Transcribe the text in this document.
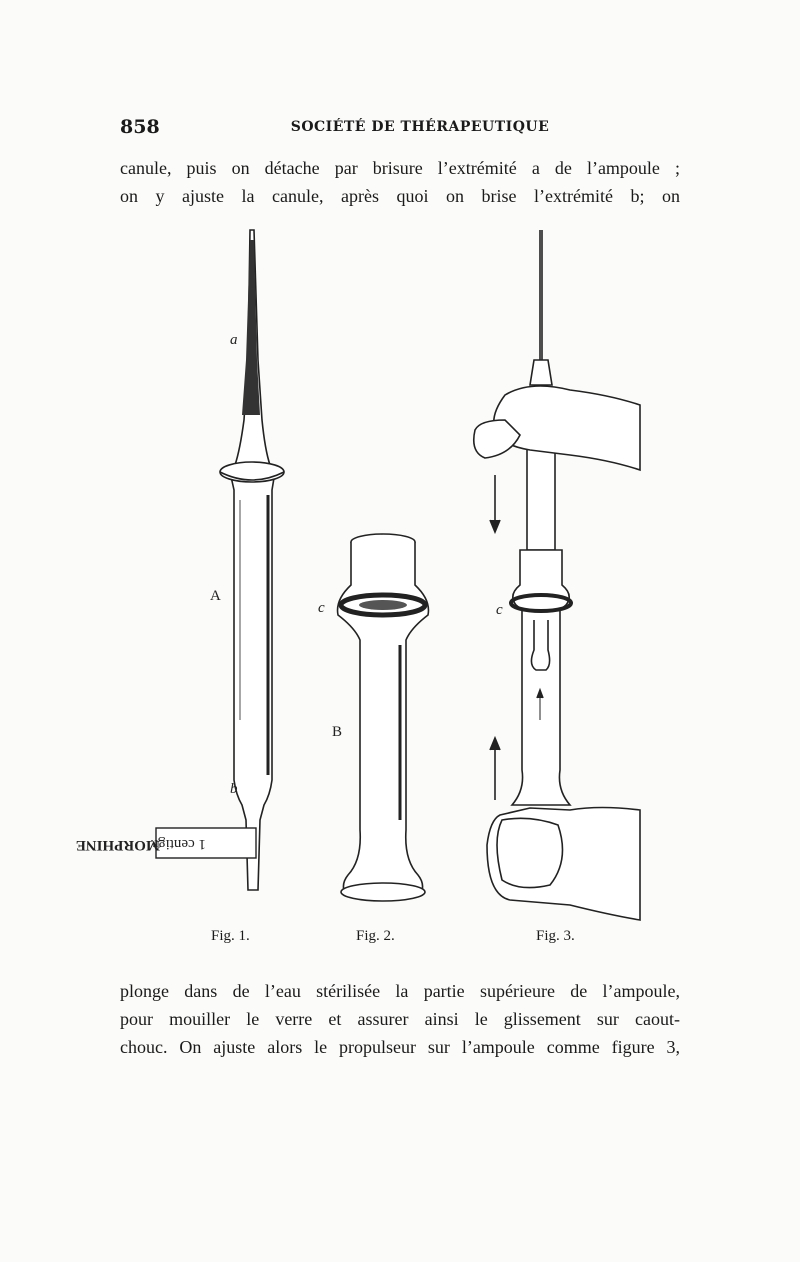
858	SOCIÉTÉ DE THÉRAPEUTIQUE
canule, puis on détache par brisure l’extrémité a de l’ampoule ;
on y ajuste la canule, après quoi on brise l’extrémité b; on
a
A
b
1 centigr.
MORPHINE
B
c	c
Fig. 1.	Fig. 2.	Fig. 3.
plonge dans de l’eau stérilisée la partie supérieure de l’ampoule,
pour mouiller le verre et assurer ainsi le glissement sur caout-
chouc. On ajuste alors le propulseur sur l’ampoule comme figure 3,
